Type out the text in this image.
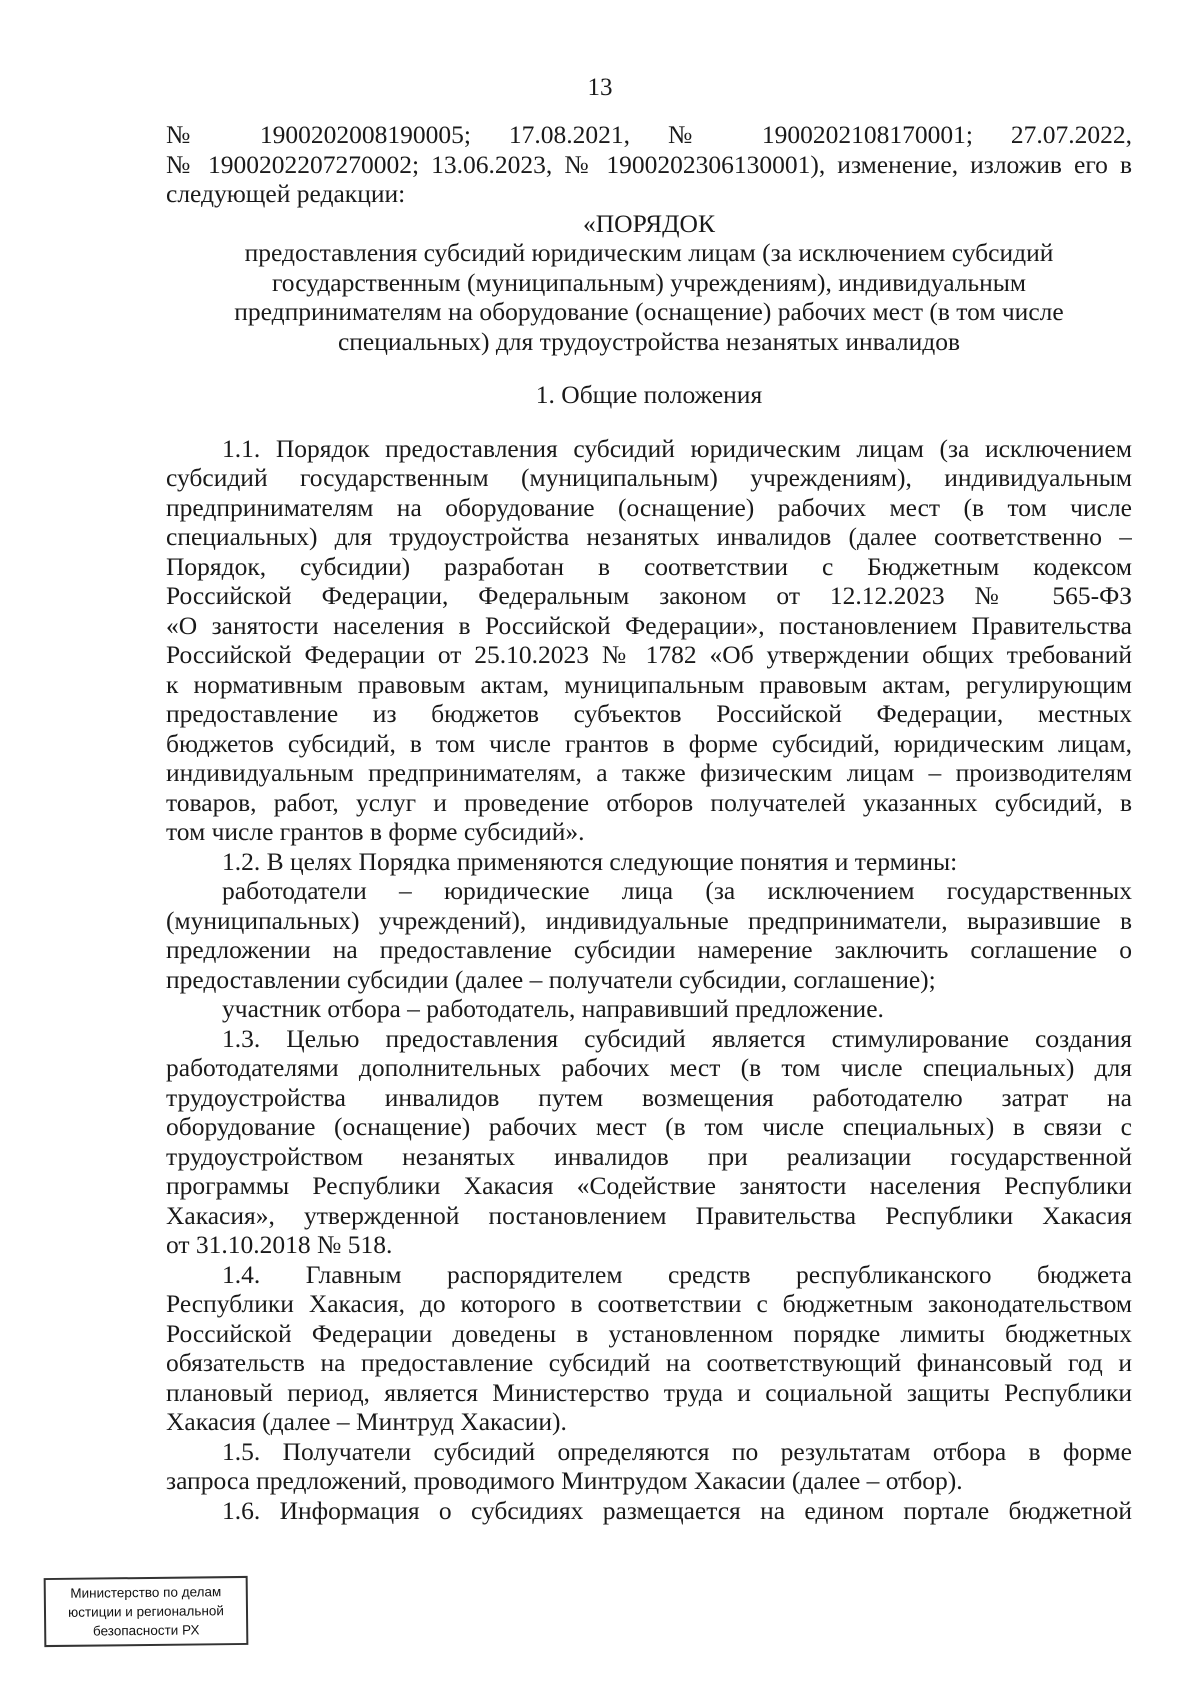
13
№ 1900202008190005; 17.08.2021, № 1900202108170001; 27.07.2022,
№ 1900202207270002; 13.06.2023, № 1900202306130001), изменение, изложив его в
следующей редакции:
«ПОРЯДОК
предоставления субсидий юридическим лицам (за исключением субсидий
государственным (муниципальным) учреждениям), индивидуальным
предпринимателям на оборудование (оснащение) рабочих мест (в том числе
специальных) для трудоустройства незанятых инвалидов
1. Общие положения
1.1. Порядок предоставления субсидий юридическим лицам (за исключением
субсидий государственным (муниципальным) учреждениям), индивидуальным
предпринимателям на оборудование (оснащение) рабочих мест (в том числе
специальных) для трудоустройства незанятых инвалидов (далее соответственно –
Порядок, субсидии) разработан в соответствии с Бюджетным кодексом
Российской Федерации, Федеральным законом от 12.12.2023 № 565-ФЗ
«О занятости населения в Российской Федерации», постановлением Правительства
Российской Федерации от 25.10.2023 № 1782 «Об утверждении общих требований
к нормативным правовым актам, муниципальным правовым актам, регулирующим
предоставление из бюджетов субъектов Российской Федерации, местных
бюджетов субсидий, в том числе грантов в форме субсидий, юридическим лицам,
индивидуальным предпринимателям, а также физическим лицам – производителям
товаров, работ, услуг и проведение отборов получателей указанных субсидий, в
том числе грантов в форме субсидий».
1.2. В целях Порядка применяются следующие понятия и термины:
работодатели – юридические лица (за исключением государственных
(муниципальных) учреждений), индивидуальные предприниматели, выразившие в
предложении на предоставление субсидии намерение заключить соглашение о
предоставлении субсидии (далее – получатели субсидии, соглашение);
участник отбора – работодатель, направивший предложение.
1.3. Целью предоставления субсидий является стимулирование создания
работодателями дополнительных рабочих мест (в том числе специальных) для
трудоустройства инвалидов путем возмещения работодателю затрат на
оборудование (оснащение) рабочих мест (в том числе специальных) в связи с
трудоустройством незанятых инвалидов при реализации государственной
программы Республики Хакасия «Содействие занятости населения Республики
Хакасия», утвержденной постановлением Правительства Республики Хакасия
от 31.10.2018 № 518.
1.4. Главным распорядителем средств республиканского бюджета
Республики Хакасия, до которого в соответствии с бюджетным законодательством
Российской Федерации доведены в установленном порядке лимиты бюджетных
обязательств на предоставление субсидий на соответствующий финансовый год и
плановый период, является Министерство труда и социальной защиты Республики
Хакасия (далее – Минтруд Хакасии).
1.5. Получатели субсидий определяются по результатам отбора в форме
запроса предложений, проводимого Минтрудом Хакасии (далее – отбор).
1.6. Информация о субсидиях размещается на едином портале бюджетной
Министерство по делам
юстиции и региональной
безопасности РХ
